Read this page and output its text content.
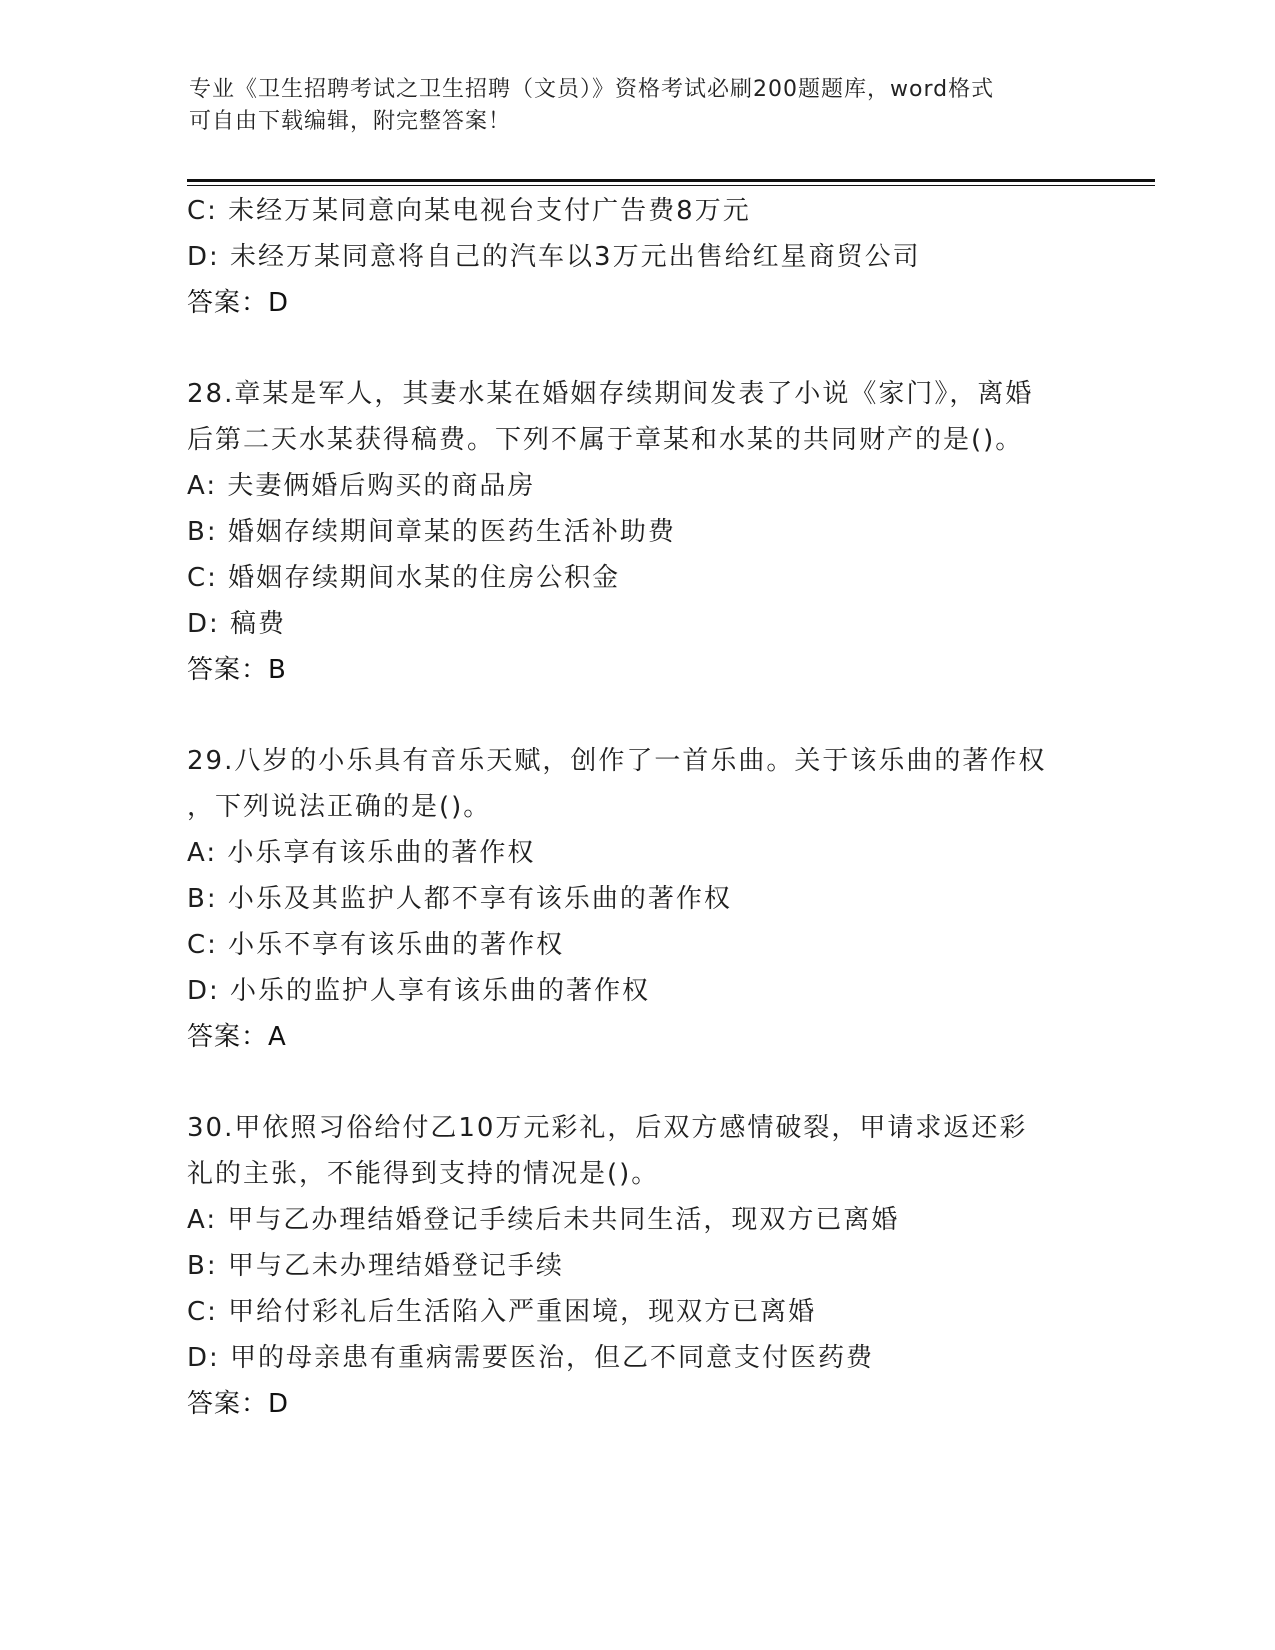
专业《卫生招聘考试之卫生招聘（文员）》资格考试必刷200题题库，word格式
可自由下载编辑，附完整答案！
C: 未经万某同意向某电视台支付广告费8万元
D: 未经万某同意将自己的汽车以3万元出售给红星商贸公司
答案：D
28.章某是军人，其妻水某在婚姻存续期间发表了小说《家门》，离婚
后第二天水某获得稿费。下列不属于章某和水某的共同财产的是()。
A: 夫妻俩婚后购买的商品房
B: 婚姻存续期间章某的医药生活补助费
C: 婚姻存续期间水某的住房公积金
D: 稿费
答案：B
29.八岁的小乐具有音乐天赋，创作了一首乐曲。关于该乐曲的著作权
，下列说法正确的是()。
A: 小乐享有该乐曲的著作权
B: 小乐及其监护人都不享有该乐曲的著作权
C: 小乐不享有该乐曲的著作权
D: 小乐的监护人享有该乐曲的著作权
答案：A
30.甲依照习俗给付乙10万元彩礼，后双方感情破裂，甲请求返还彩
礼的主张，不能得到支持的情况是()。
A: 甲与乙办理结婚登记手续后未共同生活，现双方已离婚
B: 甲与乙未办理结婚登记手续
C: 甲给付彩礼后生活陷入严重困境，现双方已离婚
D: 甲的母亲患有重病需要医治，但乙不同意支付医药费
答案：D
